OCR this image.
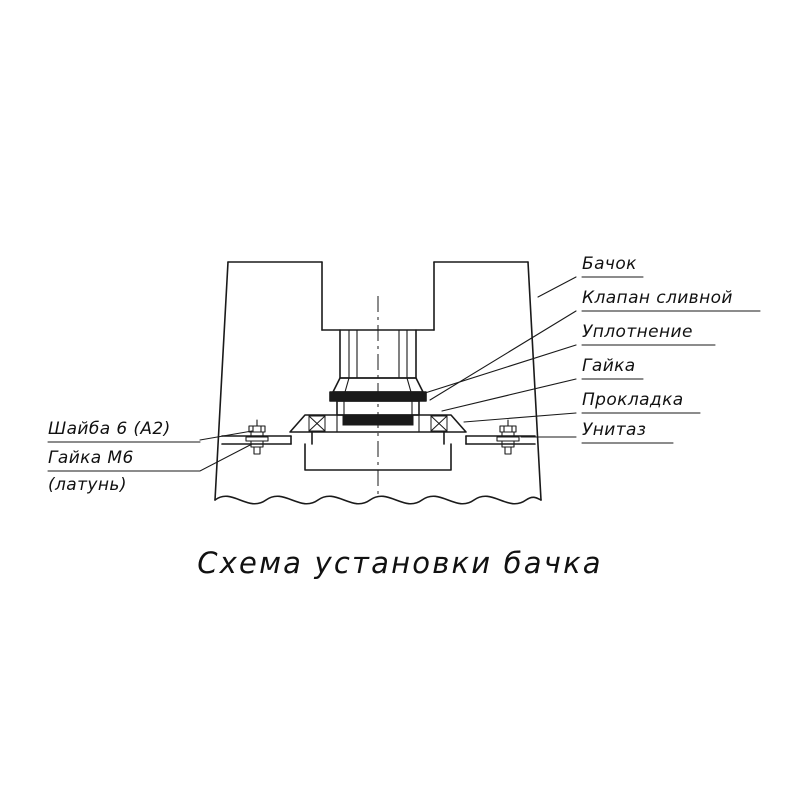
Бачок
Клапан сливной
Уплотнение
Гайка
Прокладка
Унитаз
Шайба 6 (А2)
Гайка М6
(латунь)
Схема установки бачка
